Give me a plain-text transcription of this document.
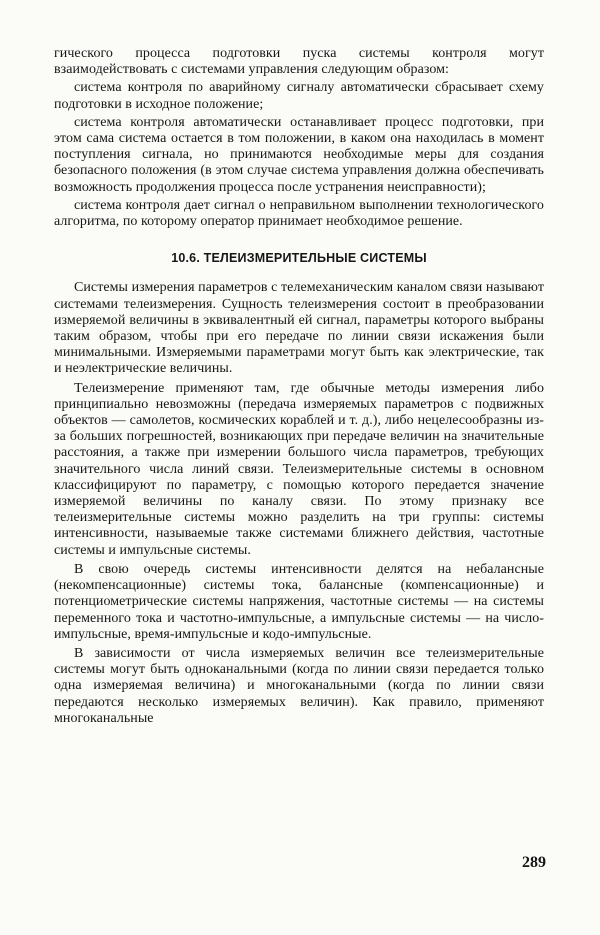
гического процесса подготовки пуска системы контроля могут взаимодействовать с системами управления следующим образом:

система контроля по аварийному сигналу автоматически сбрасывает схему подготовки в исходное положение;

система контроля автоматически останавливает процесс подготовки, при этом сама система остается в том положении, в каком она находилась в момент поступления сигнала, но принимаются необходимые меры для создания безопасного положения (в этом случае система управления должна обеспечивать возможность продолжения процесса после устранения неисправности);

система контроля дает сигнал о неправильном выполнении технологического алгоритма, по которому оператор принимает необходимое решение.

10.6. ТЕЛЕИЗМЕРИТЕЛЬНЫЕ СИСТЕМЫ

Системы измерения параметров с телемеханическим каналом связи называют системами телеизмерения. Сущность телеизмерения состоит в преобразовании измеряемой величины в эквивалентный ей сигнал, параметры которого выбраны таким образом, чтобы при его передаче по линии связи искажения были минимальными. Измеряемыми параметрами могут быть как электрические, так и неэлектрические величины.

Телеизмерение применяют там, где обычные методы измерения либо принципиально невозможны (передача измеряемых параметров с подвижных объектов — самолетов, космических кораблей и т. д.), либо нецелесообразны из-за больших погрешностей, возникающих при передаче величин на значительные расстояния, а также при измерении большого числа параметров, требующих значительного числа линий связи. Телеизмерительные системы в основном классифицируют по параметру, с помощью которого передается значение измеряемой величины по каналу связи. По этому признаку все телеизмерительные системы можно разделить на три группы: системы интенсивности, называемые также системами ближнего действия, частотные системы и импульсные системы.

В свою очередь системы интенсивности делятся на небалансные (некомпенсационные) системы тока, балансные (компенсационные) и потенциометрические системы напряжения, частотные системы — на системы переменного тока и частотно-импульсные, а импульсные системы — на число-импульсные, время-импульсные и кодо-импульсные.

В зависимости от числа измеряемых величин все телеизмерительные системы могут быть одноканальными (когда по линии связи передается только одна измеряемая величина) и многоканальными (когда по линии связи передаются несколько измеряемых величин). Как правило, применяют многоканальные

289
